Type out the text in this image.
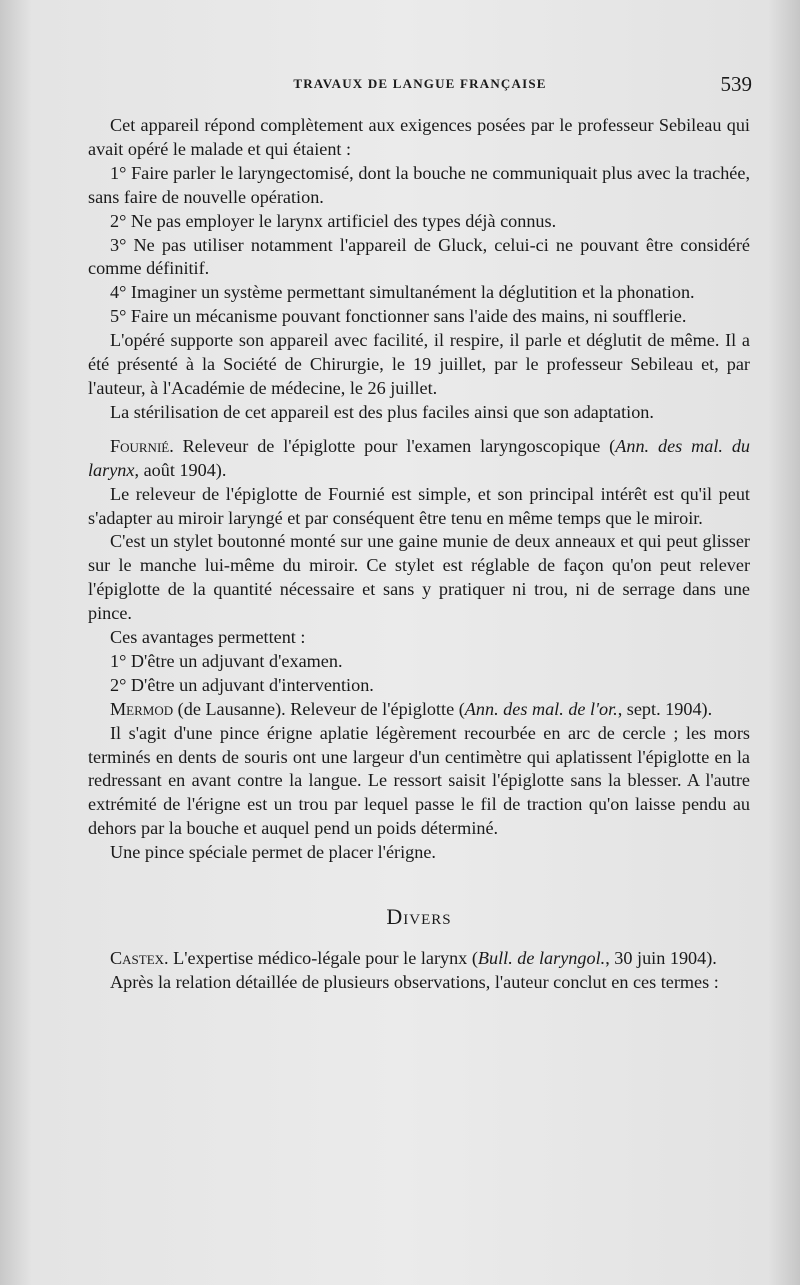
TRAVAUX DE LANGUE FRANÇAISE	539

Cet appareil répond complètement aux exigences posées par le professeur Sebileau qui avait opéré le malade et qui étaient :

1° Faire parler le laryngectomisé, dont la bouche ne communiquait plus avec la trachée, sans faire de nouvelle opération.

2° Ne pas employer le larynx artificiel des types déjà connus.

3° Ne pas utiliser notamment l'appareil de Gluck, celui-ci ne pouvant être considéré comme définitif.

4° Imaginer un système permettant simultanément la déglutition et la phonation.

5° Faire un mécanisme pouvant fonctionner sans l'aide des mains, ni soufflerie.

L'opéré supporte son appareil avec facilité, il respire, il parle et déglutit de même. Il a été présenté à la Société de Chirurgie, le 19 juillet, par le professeur Sebileau et, par l'auteur, à l'Académie de médecine, le 26 juillet.

La stérilisation de cet appareil est des plus faciles ainsi que son adaptation.

Fournié. Releveur de l'épiglotte pour l'examen laryngoscopique (Ann. des mal. du larynx, août 1904).

Le releveur de l'épiglotte de Fournié est simple, et son principal intérêt est qu'il peut s'adapter au miroir laryngé et par conséquent être tenu en même temps que le miroir.

C'est un stylet boutonné monté sur une gaine munie de deux anneaux et qui peut glisser sur le manche lui-même du miroir. Ce stylet est réglable de façon qu'on peut relever l'épiglotte de la quantité nécessaire et sans y pratiquer ni trou, ni de serrage dans une pince.

Ces avantages permettent :

1° D'être un adjuvant d'examen.

2° D'être un adjuvant d'intervention.

Mermod (de Lausanne). Releveur de l'épiglotte (Ann. des mal. de l'or., sept. 1904).

Il s'agit d'une pince érigne aplatie légèrement recourbée en arc de cercle ; les mors terminés en dents de souris ont une largeur d'un centimètre qui aplatissent l'épiglotte en la redressant en avant contre la langue. Le ressort saisit l'épiglotte sans la blesser. A l'autre extrémité de l'érigne est un trou par lequel passe le fil de traction qu'on laisse pendu au dehors par la bouche et auquel pend un poids déterminé.

Une pince spéciale permet de placer l'érigne.

Divers

Castex. L'expertise médico-légale pour le larynx (Bull. de laryngol., 30 juin 1904).

Après la relation détaillée de plusieurs observations, l'auteur conclut en ces termes :
